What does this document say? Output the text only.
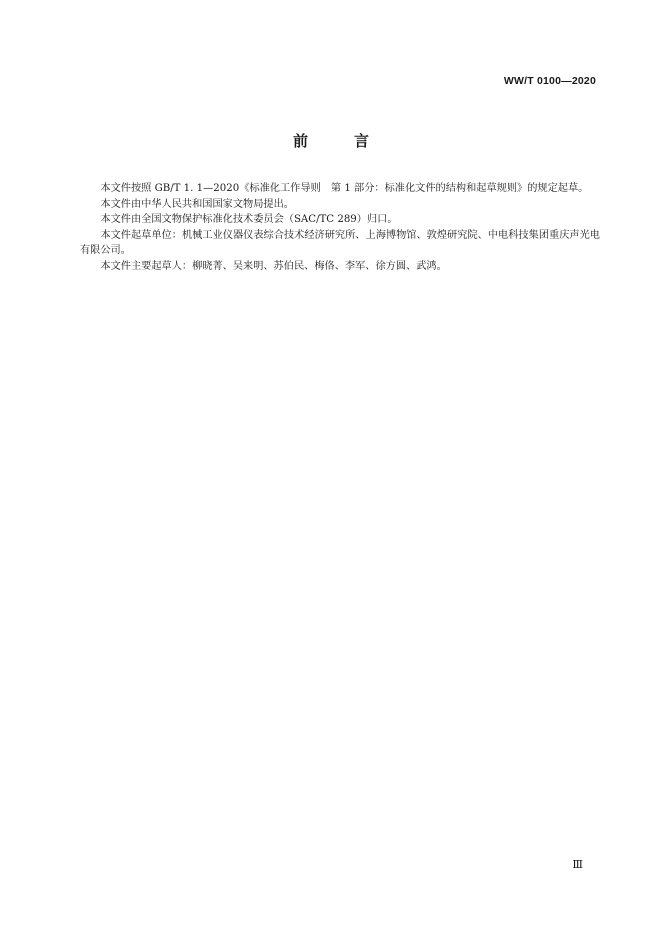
WW/T 0100—2020
前	言

本文件按照 GB/T 1. 1—2020《标准化工作导则　第 1 部分：标准化文件的结构和起草规则》的规定起草。

本文件由中华人民共和国国家文物局提出。

本文件由全国文物保护标准化技术委员会（SAC/TC 289）归口。

本文件起草单位：机械工业仪器仪表综合技术经济研究所、上海博物馆、敦煌研究院、中电科技集团重庆声光电有限公司。

本文件主要起草人：柳晓菁、吴来明、苏伯民、梅佫、李军、徐方圆、武鸿。

Ⅲ
